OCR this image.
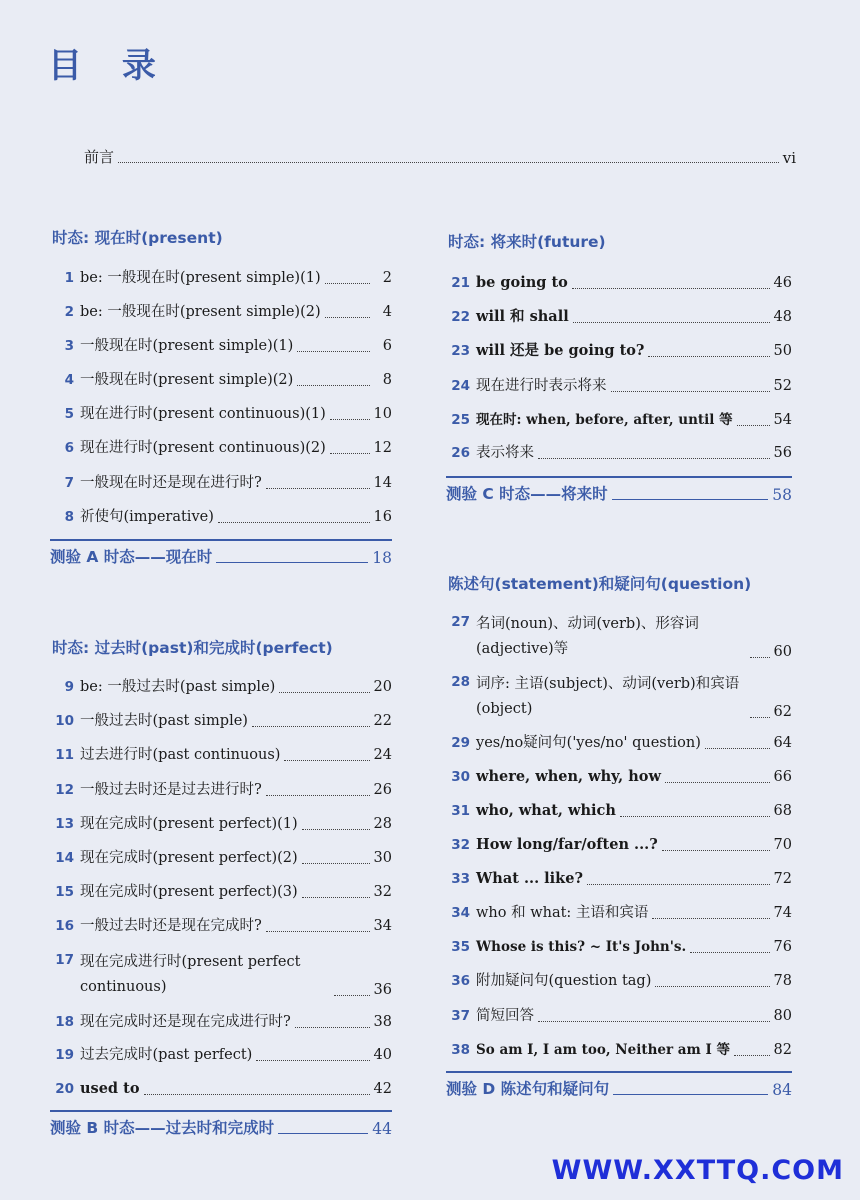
目 录
前言	vi
时态: 现在时(present)
1 be: 一般现在时(present simple)(1)	2
2 be: 一般现在时(present simple)(2)	4
3 一般现在时(present simple)(1)	6
4 一般现在时(present simple)(2)	8
5 现在进行时(present continuous)(1)	10
6 现在进行时(present continuous)(2)	12
7 一般现在时还是现在进行时?	14
8 祈使句(imperative)	16
测验 A 时态——现在时	18
时态: 过去时(past)和完成时(perfect)
9 be: 一般过去时(past simple)	20
10 一般过去时(past simple)	22
11 过去进行时(past continuous)	24
12 一般过去时还是过去进行时?	26
13 现在完成时(present perfect)(1)	28
14 现在完成时(present perfect)(2)	30
15 现在完成时(present perfect)(3)	32
16 一般过去时还是现在完成时?	34
17 现在完成进行时(present perfect continuous)	36
18 现在完成时还是现在完成进行时?	38
19 过去完成时(past perfect)	40
20 used to	42
测验 B 时态——过去时和完成时	44
时态: 将来时(future)
21 be going to	46
22 will 和 shall	48
23 will 还是 be going to?	50
24 现在进行时表示将来	52
25 现在时: when, before, after, until 等	54
26 表示将来	56
测验 C 时态——将来时	58
陈述句(statement)和疑问句(question)
27 名词(noun)、动词(verb)、形容词(adjective)等	60
28 词序: 主语(subject)、动词(verb)和宾语(object)	62
29 yes/no疑问句('yes/no' question)	64
30 where, when, why, how	66
31 who, what, which	68
32 How long/far/often ...?	70
33 What ... like?	72
34 who 和 what: 主语和宾语	74
35 Whose is this? ~ It's John's.	76
36 附加疑问句(question tag)	78
37 简短回答	80
38 So am I, I am too, Neither am I 等	82
测验 D 陈述句和疑问句	84
WWW.XXTTQ.COM
